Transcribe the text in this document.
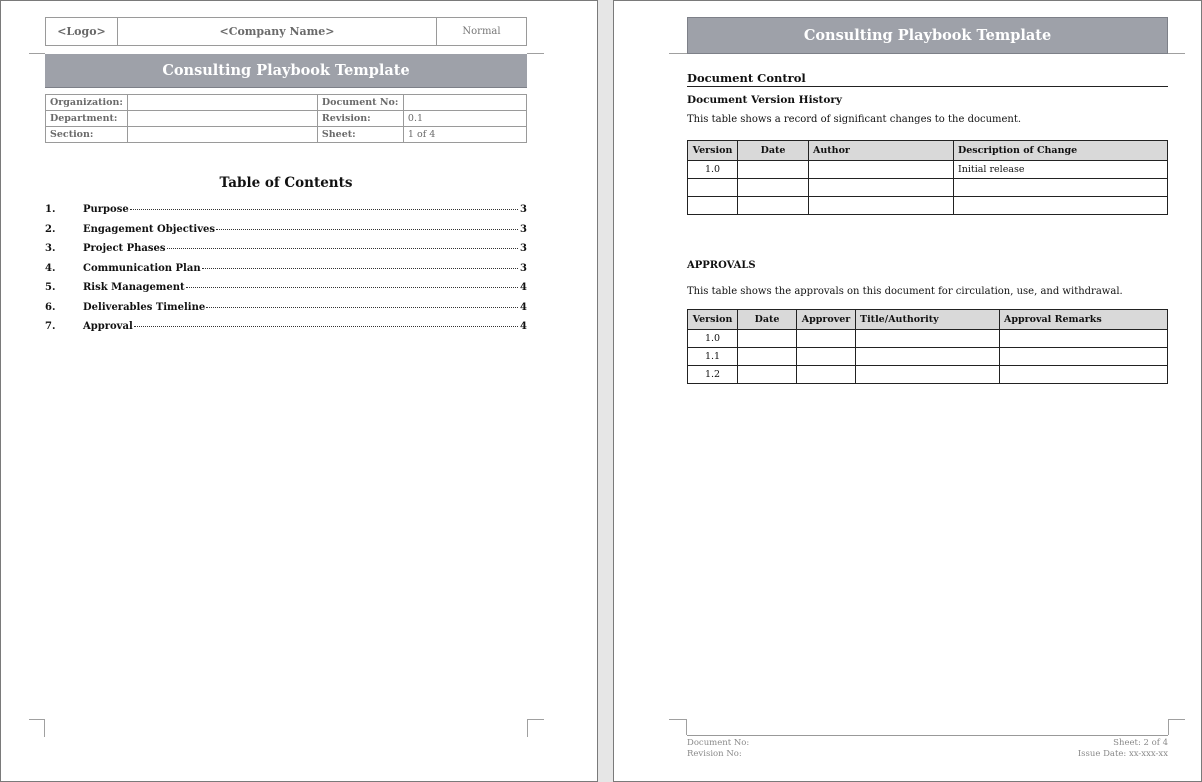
<Logo>	<Company Name>	Normal
Consulting Playbook Template
Organization:		Document No:	
Department:		Revision:	0.1
Section:		Sheet:	1 of 4
Table of Contents
1.	Purpose	3
2.	Engagement Objectives	3
3.	Project Phases	3
4.	Communication Plan	3
5.	Risk Management	4
6.	Deliverables Timeline	4
7.	Approval	4
Consulting Playbook Template
Document Control
Document Version History
This table shows a record of significant changes to the document.
Version	Date	Author	Description of Change
1.0			Initial release

APPROVALS
This table shows the approvals on this document for circulation, use, and withdrawal.
Version	Date	Approver	Title/Authority	Approval Remarks
1.0				
1.1				
1.2				
Document No:
Revision No:
Sheet: 2 of 4
Issue Date: xx-xxx-xx
